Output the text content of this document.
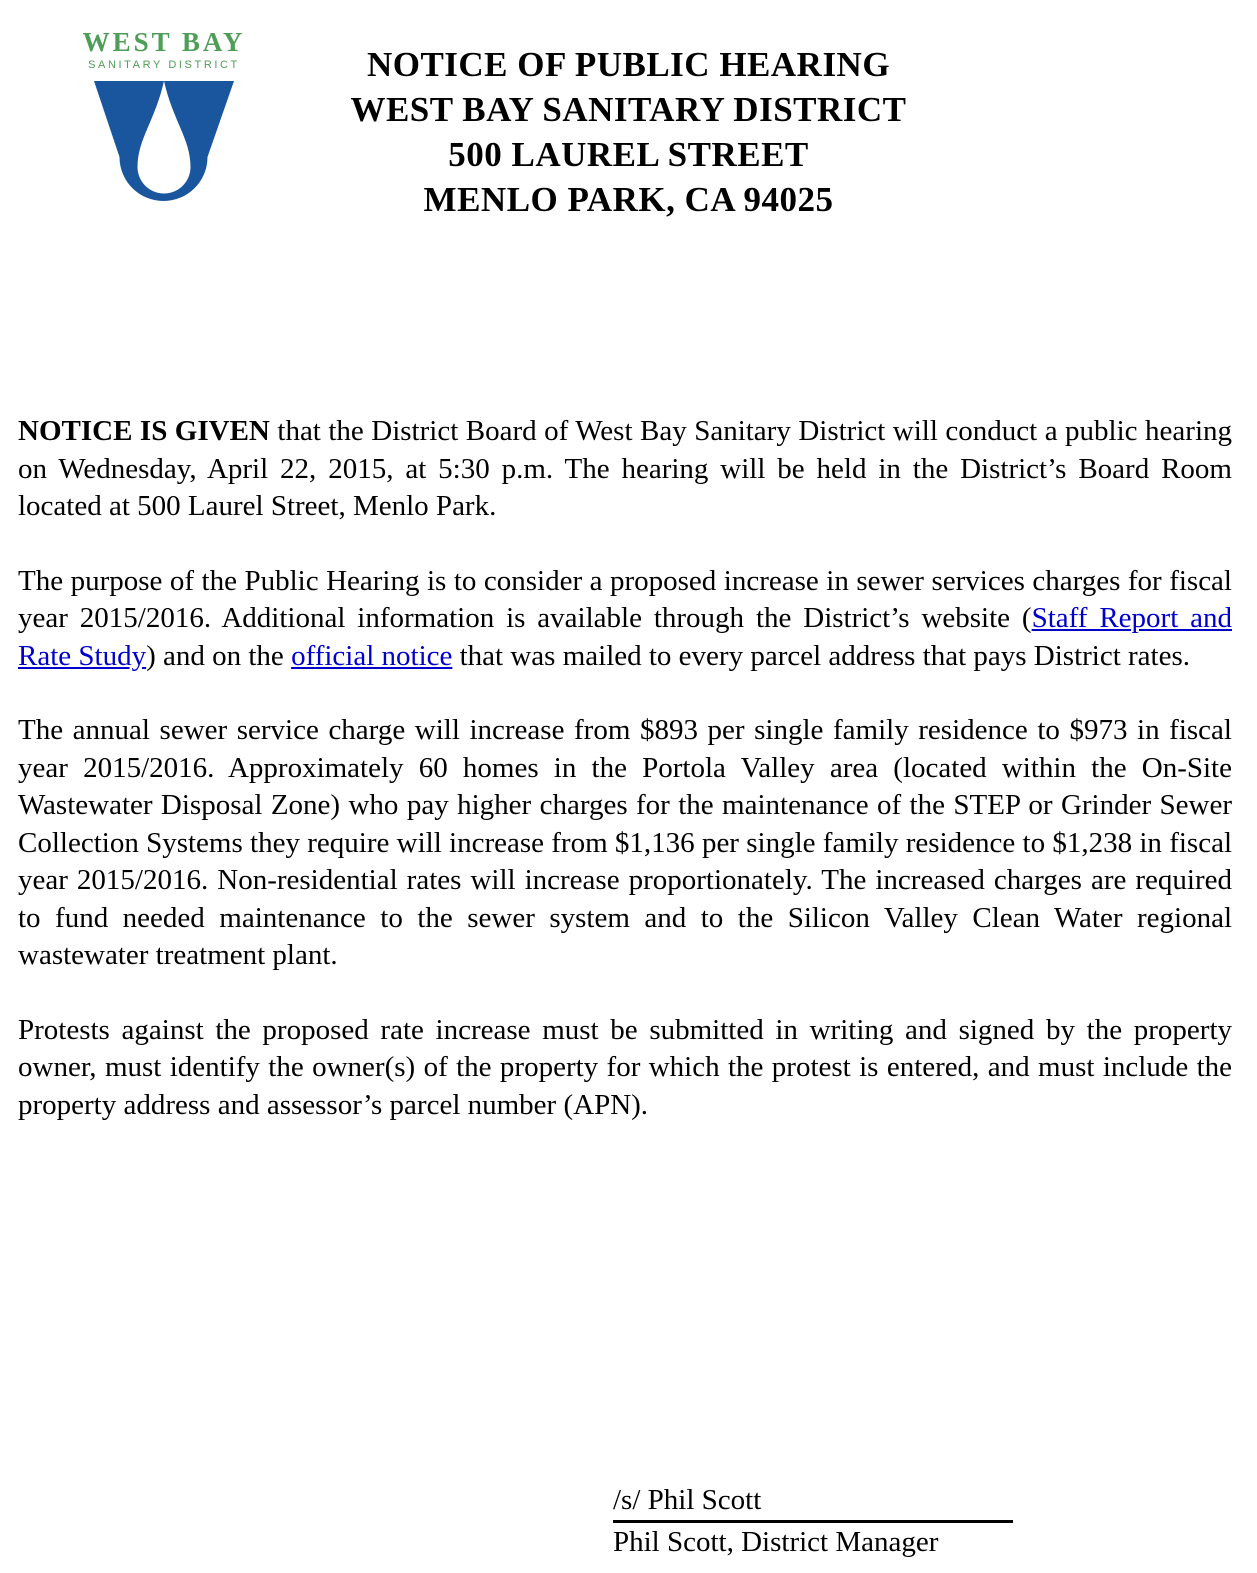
WEST BAY
SANITARY DISTRICT	NOTICE OF PUBLIC HEARING
WEST BAY SANITARY DISTRICT
500 LAUREL STREET
MENLO PARK, CA 94025

NOTICE IS GIVEN that the District Board of West Bay Sanitary District will conduct a public hearing on Wednesday, April 22, 2015, at 5:30 p.m. The hearing will be held in the District’s Board Room located at 500 Laurel Street, Menlo Park.

The purpose of the Public Hearing is to consider a proposed increase in sewer services charges for fiscal year 2015/2016. Additional information is available through the District’s website (Staff Report and Rate Study) and on the official notice that was mailed to every parcel address that pays District rates.

The annual sewer service charge will increase from $893 per single family residence to $973 in fiscal year 2015/2016. Approximately 60 homes in the Portola Valley area (located within the On-Site Wastewater Disposal Zone) who pay higher charges for the maintenance of the STEP or Grinder Sewer Collection Systems they require will increase from $1,136 per single family residence to $1,238 in fiscal year 2015/2016. Non-residential rates will increase proportionately. The increased charges are required to fund needed maintenance to the sewer system and to the Silicon Valley Clean Water regional wastewater treatment plant.

Protests against the proposed rate increase must be submitted in writing and signed by the property owner, must identify the owner(s) of the property for which the protest is entered, and must include the property address and assessor’s parcel number (APN).

/s/ Phil Scott
Phil Scott, District Manager
